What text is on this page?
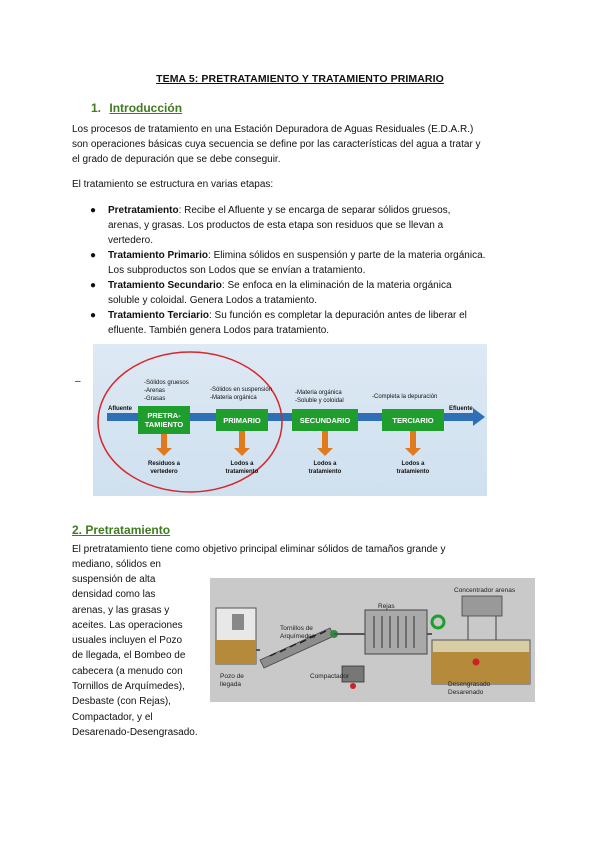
TEMA 5: PRETRATAMIENTO Y TRATAMIENTO PRIMARIO
1. Introducción

Los procesos de tratamiento en una Estación Depuradora de Aguas Residuales (E.D.A.R.)
son operaciones básicas cuya secuencia se define por las características del agua a tratar y
el grado de depuración que se debe conseguir.

El tratamiento se estructura en varias etapas:

● Pretratamiento: Recibe el Afluente y se encarga de separar sólidos gruesos,
arenas, y grasas. Los productos de esta etapa son residuos que se llevan a
vertedero.
● Tratamiento Primario: Elimina sólidos en suspensión y parte de la materia orgánica.
Los subproductos son Lodos que se envían a tratamiento.
● Tratamiento Secundario: Se enfoca en la eliminación de la materia orgánica
soluble y coloidal. Genera Lodos a tratamiento.
● Tratamiento Terciario: Su función es completar la depuración antes de liberar el
efluente. También genera Lodos para tratamiento.
–
PRETRA-
TAMIENTO	PRIMARIO	SECUNDARIO	TERCIARIO
Afluente	Efluente
-Sólidos gruesos
-Arenas
-Grasas
-Sólidos en suspensión
-Materia orgánica
-Materia orgánica
-Soluble y coloidal
-Completa la depuración
Residuos a
vertedero
Lodos a
tratamiento
Lodos a
tratamiento
Lodos a
tratamiento
2. Pretratamiento

El pretratamiento tiene como objetivo principal eliminar sólidos de tamaños grande y
mediano, sólidos en

suspensión de alta
densidad como las
arenas, y las grasas y
aceites. Las operaciones
usuales incluyen el Pozo
de llegada, el Bombeo de
cabecera (a menudo con
Tornillos de Arquímedes),
Desbaste (con Rejas),
Compactador, y el
Desarenado-Desengrasado.

Pozo de
llegada
Tornillos de
Arquímedes
Rejas
Compactador
Concentrador arenas
Desengrasado
Desarenado
